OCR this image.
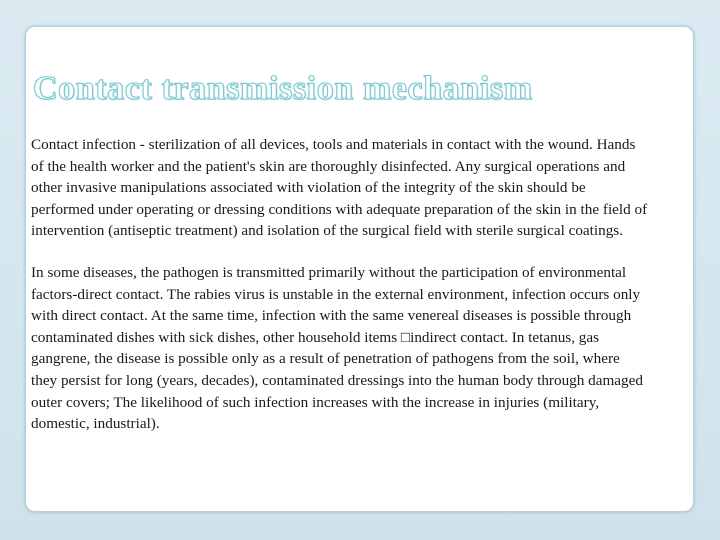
Contact transmission mechanism

Contact infection - sterilization of all devices, tools and materials in contact with the wound. Hands of the health worker and the patient's skin are thoroughly disinfected. Any surgical operations and other invasive manipulations associated with violation of the integrity of the skin should be performed under operating or dressing conditions with adequate preparation of the skin in the field of intervention (antiseptic treatment) and isolation of the surgical field with sterile surgical coatings.

In some diseases, the pathogen is transmitted primarily without the participation of environmental factors-direct contact. The rabies virus is unstable in the external environment, infection occurs only with direct contact. At the same time, infection with the same venereal diseases is possible through contaminated dishes with sick dishes, other household items □indirect contact. In tetanus, gas gangrene, the disease is possible only as a result of penetration of pathogens from the soil, where they persist for long (years, decades), contaminated dressings into the human body through damaged outer covers; The likelihood of such infection increases with the increase in injuries (military, domestic, industrial).
